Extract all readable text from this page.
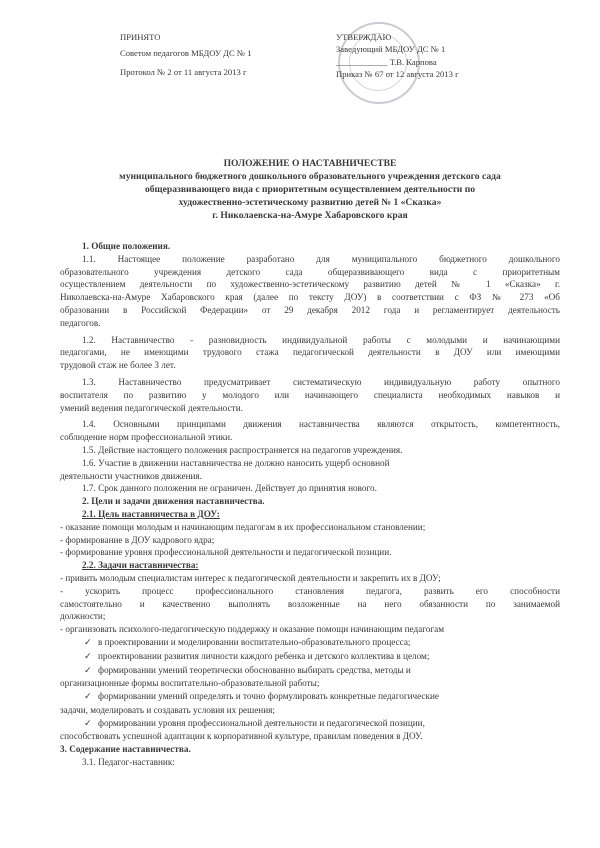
ПРИНЯТО
Советом педагогов МБДОУ ДС № 1
Протокол № 2 от 11 августа 2013 г
УТВЕРЖДАЮ
Заведующий МБДОУ ДС № 1
____________ Т.В. Карпова
Приказ № 67 от 12 августа 2013 г
ПОЛОЖЕНИЕ О НАСТАВНИЧЕСТВЕ
муниципального бюджетного дошкольного образовательного учреждения детского сада
общеразвивающего вида с приоритетным осуществлением деятельности по
художественно-эстетическому развитию детей № 1 «Сказка»
г. Николаевска-на-Амуре Хабаровского края
1. Общие положения.
1.1. Настоящее положение разработано для муниципального бюджетного дошкольного
образовательного учреждения детского сада общеразвивающего вида с приоритетным
осуществлением деятельности по художественно-эстетическому развитию детей № 1 «Сказка» г.
Николаевска-на-Амуре Хабаровского края (далее по тексту ДОУ) в соответствии с ФЗ № 273 «Об
образовании в Российской Федерации» от 29 декабря 2012 года и регламентирует деятельность
педагогов.
1.2. Наставничество - разновидность индивидуальной работы с молодыми и начинающими
педагогами, не имеющими трудового стажа педагогической деятельности в ДОУ или имеющими
трудовой стаж не более 3 лет.
1.3. Наставничество предусматривает систематическую индивидуальную работу опытного
воспитателя по развитию у молодого или начинающего специалиста необходимых навыков и
умений ведения педагогической деятельности.
1.4. Основными принципами движения наставничества являются открытость, компетентность,
соблюдение норм профессиональной этики.
1.5. Действие настоящего положения распространяется на педагогов учреждения.
1.6. Участие в движении наставничества не должно наносить ущерб основной
деятельности участников движения.
1.7. Срок данного положения не ограничен. Действует до принятия нового.
2. Цели и задачи движения наставничества.
2.1. Цель наставничества в ДОУ:
- оказание помощи молодым и начинающим педагогам в их профессиональном становлении;
- формирование в ДОУ кадрового ядра;
- формирование уровня профессиональной деятельности и педагогической позиции.
2.2. Задачи наставничества:
- привить молодым специалистам интерес к педагогической деятельности и закрепить их в ДОУ;
- ускорить процесс профессионального становления педагога, развить его способности
самостоятельно и качественно выполнять возложенные на него обязанности по занимаемой
должности;
- организовать психолого-педагогическую поддержку и оказание помощи начинающим педагогам
✓ в проектировании и моделировании воспитательно-образовательного процесса;
✓ проектировании развития личности каждого ребенка и детского коллектива в целом;
✓ формировании умений теоретически обоснованно выбирать средства, методы и
организационные формы воспитательно-образовательной работы;
✓ формировании умений определять и точно формулировать конкретные педагогические
задачи, моделировать и создавать условия их решения;
✓ формировании уровня профессиональной деятельности и педагогической позиции,
способствовать успешной адаптации к корпоративной культуре, правилам поведения в ДОУ.
3. Содержание наставничества.
3.1. Педагог-наставник:
